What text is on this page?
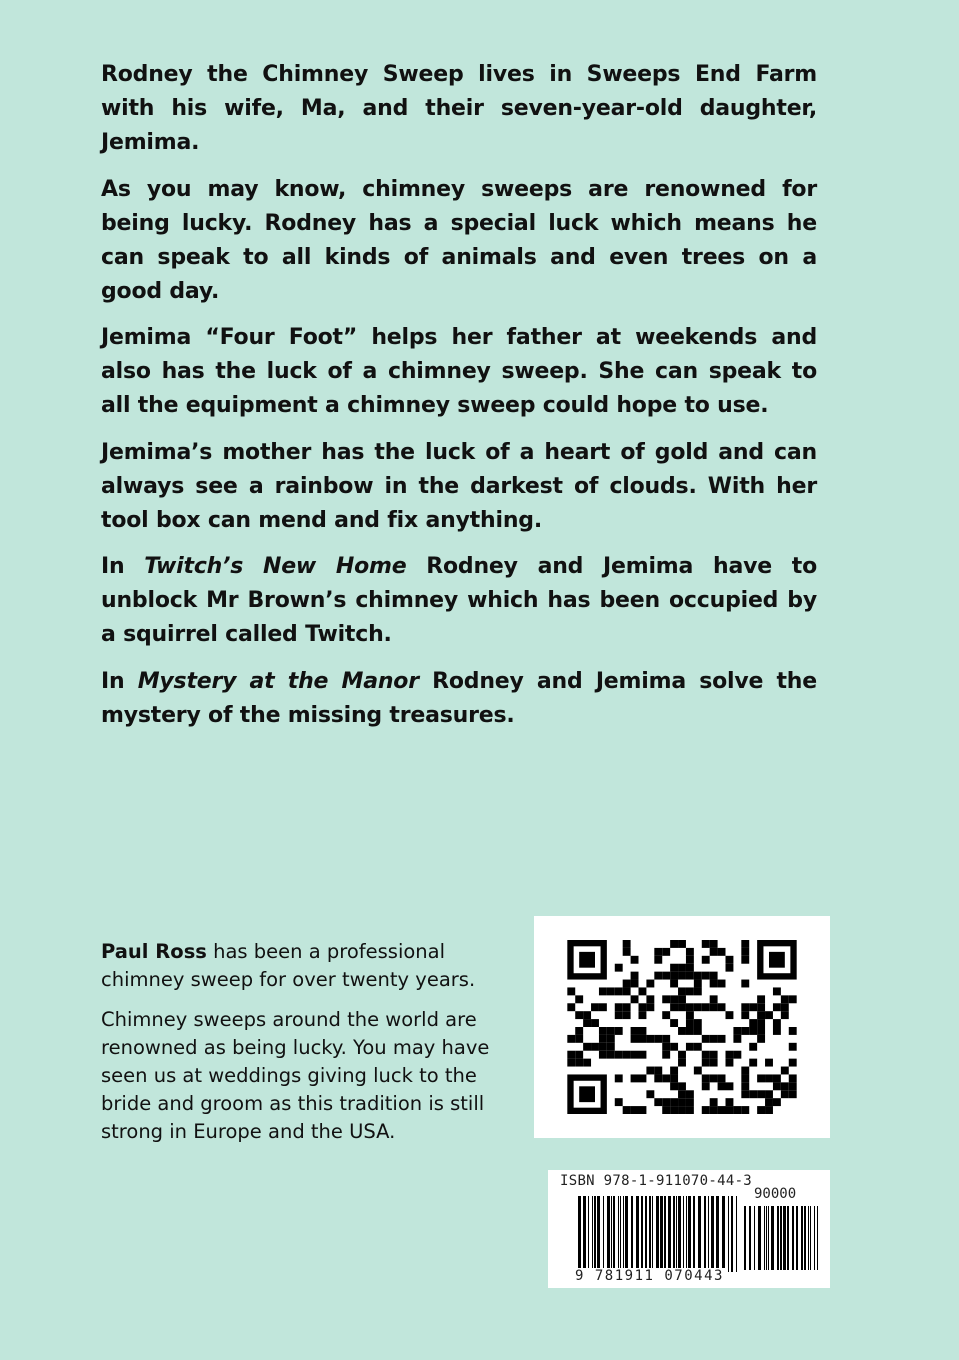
Rodney the Chimney Sweep lives in Sweeps End Farm with his wife, Ma, and their seven-year-old daughter, Jemima.

As you may know, chimney sweeps are renowned for being lucky. Rodney has a special luck which means he can speak to all kinds of animals and even trees on a good day.

Jemima “Four Foot” helps her father at weekends and also has the luck of a chimney sweep. She can speak to all the equipment a chimney sweep could hope to use.

Jemima’s mother has the luck of a heart of gold and can always see a rainbow in the darkest of clouds. With her tool box can mend and fix anything.

In Twitch’s New Home Rodney and Jemima have to unblock Mr Brown’s chimney which has been occupied by a squirrel called Twitch.

In Mystery at the Manor Rodney and Jemima solve the mystery of the missing treasures.

Paul Ross has been a professional chimney sweep for over twenty years.

Chimney sweeps around the world are renowned as being lucky. You may have seen us at weddings giving luck to the bride and groom as this tradition is still strong in Europe and the USA.

ISBN 978-1-911070-44-3
90000
9 781911 070443
